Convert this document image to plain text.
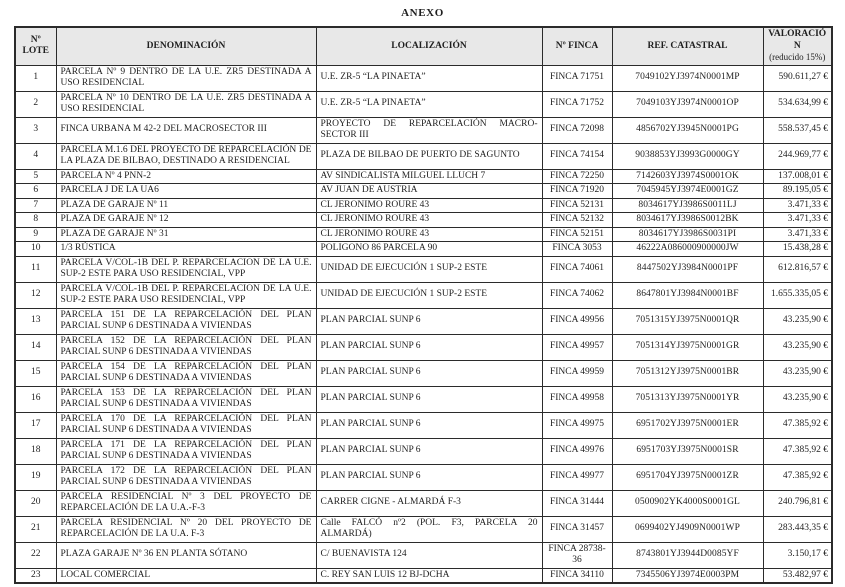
ANEXO
Nº LOTE	DENOMINACIÓN	LOCALIZACIÓN	Nº FINCA	REF. CATASTRAL	VALORACIÓN
(reducido 15%)

1	PARCELA Nº 9 DENTRO DE LA U.E. ZR5 DESTINADA A USO RESIDENCIAL	U.E. ZR-5 “LA PINAETA”	FINCA 71751	7049102YJ3974N0001MP	590.611,27 €
2	PARCELA Nº 10 DENTRO DE LA U.E. ZR5 DESTINADA A USO RESIDENCIAL	U.E. ZR-5 “LA PINAETA”	FINCA 71752	7049103YJ3974N0001OP	534.634,99 €
3	FINCA URBANA M 42-2 DEL MACROSECTOR III	PROYECTO DE REPARCELACIÓN MACRO-SECTOR III	FINCA 72098	4856702YJ3945N0001PG	558.537,45 €
4	PARCELA M.1.6 DEL PROYECTO DE REPARCELACIÓN DE LA PLAZA DE BILBAO, DESTINADO A RESIDENCIAL	PLAZA DE BILBAO DE PUERTO DE SAGUNTO	FINCA 74154	9038853YJ3993G0000GY	244.969,77 €
5	PARCELA Nº 4 PNN-2	AV SINDICALISTA MILGUEL LLUCH 7	FINCA 72250	7142603YJ3974S0001OK	137.008,01 €
6	PARCELA J DE LA UA6	AV JUAN DE AUSTRIA	FINCA 71920	7045945YJ3974E0001GZ	89.195,05 €
7	PLAZA DE GARAJE Nº 11	CL JERONIMO ROURE 43	FINCA 52131	8034617YJ3986S0011LJ	3.471,33 €
8	PLAZA DE GARAJE Nº 12	CL JERONIMO ROURE 43	FINCA 52132	8034617YJ3986S0012BK	3.471,33 €
9	PLAZA DE GARAJE Nº 31	CL JERONIMO ROURE 43	FINCA 52151	8034617YJ3986S0031PI	3.471,33 €
10	1/3 RÚSTICA	POLIGONO 86 PARCELA 90	FINCA 3053	46222A086000900000JW	15.438,28 €
11	PARCELA V/COL-1B DEL P. REPARCELACION DE LA U.E. SUP-2 ESTE PARA USO RESIDENCIAL, VPP	UNIDAD DE EJECUCIÓN 1 SUP-2 ESTE	FINCA 74061	8447502YJ3984N0001PF	612.816,57 €
12	PARCELA V/COL-1B DEL P. REPARCELACION DE LA U.E. SUP-2 ESTE PARA USO RESIDENCIAL, VPP	UNIDAD DE EJECUCIÓN 1 SUP-2 ESTE	FINCA 74062	8647801YJ3984N0001BF	1.655.335,05 €
13	PARCELA 151 DE LA REPARCELACIÓN DEL PLAN PARCIAL SUNP 6 DESTINADA A VIVIENDAS	PLAN PARCIAL SUNP 6	FINCA 49956	7051315YJ3975N0001QR	43.235,90 €
14	PARCELA 152 DE LA REPARCELACIÓN DEL PLAN PARCIAL SUNP 6 DESTINADA A VIVIENDAS	PLAN PARCIAL SUNP 6	FINCA 49957	7051314YJ3975N0001GR	43.235,90 €
15	PARCELA 154 DE LA REPARCELACIÓN DEL PLAN PARCIAL SUNP 6 DESTINADA A VIVIENDAS	PLAN PARCIAL SUNP 6	FINCA 49959	7051312YJ3975N0001BR	43.235,90 €
16	PARCELA 153 DE LA REPARCELACIÓN DEL PLAN PARCIAL SUNP 6 DESTINADA A VIVIENDAS	PLAN PARCIAL SUNP 6	FINCA 49958	7051313YJ3975N0001YR	43.235,90 €
17	PARCELA 170 DE LA REPARCELACIÓN DEL PLAN PARCIAL SUNP 6 DESTINADA A VIVIENDAS	PLAN PARCIAL SUNP 6	FINCA 49975	6951702YJ3975N0001ER	47.385,92 €
18	PARCELA 171 DE LA REPARCELACIÓN DEL PLAN PARCIAL SUNP 6 DESTINADA A VIVIENDAS	PLAN PARCIAL SUNP 6	FINCA 49976	6951703YJ3975N0001SR	47.385,92 €
19	PARCELA 172 DE LA REPARCELACIÓN DEL PLAN PARCIAL SUNP 6 DESTINADA A VIVIENDAS	PLAN PARCIAL SUNP 6	FINCA 49977	6951704YJ3975N0001ZR	47.385,92 €
20	PARCELA RESIDENCIAL Nº 3 DEL PROYECTO DE REPARCELACIÓN DE LA U.A.-F-3	CARRER CIGNE - ALMARDÁ F-3	FINCA 31444	0500902YK4000S0001GL	240.796,81 €
21	PARCELA RESIDENCIAL Nº 20 DEL PROYECTO DE REPARCELACIÓN DE LA U.A. F-3	Calle FALCÓ nº2 (POL. F3, PARCELA 20 ALMARDÁ)	FINCA 31457	0699402YJ4909N0001WP	283.443,35 €
22	PLAZA GARAJE Nº 36 EN PLANTA SÓTANO	C/ BUENAVISTA 124	FINCA 28738-36	8743801YJ3944D0085YF	3.150,17 €
23	LOCAL COMERCIAL	C. REY SAN LUIS 12 BJ-DCHA	FINCA 34110	7345506YJ3974E0003PM	53.482,97 €
